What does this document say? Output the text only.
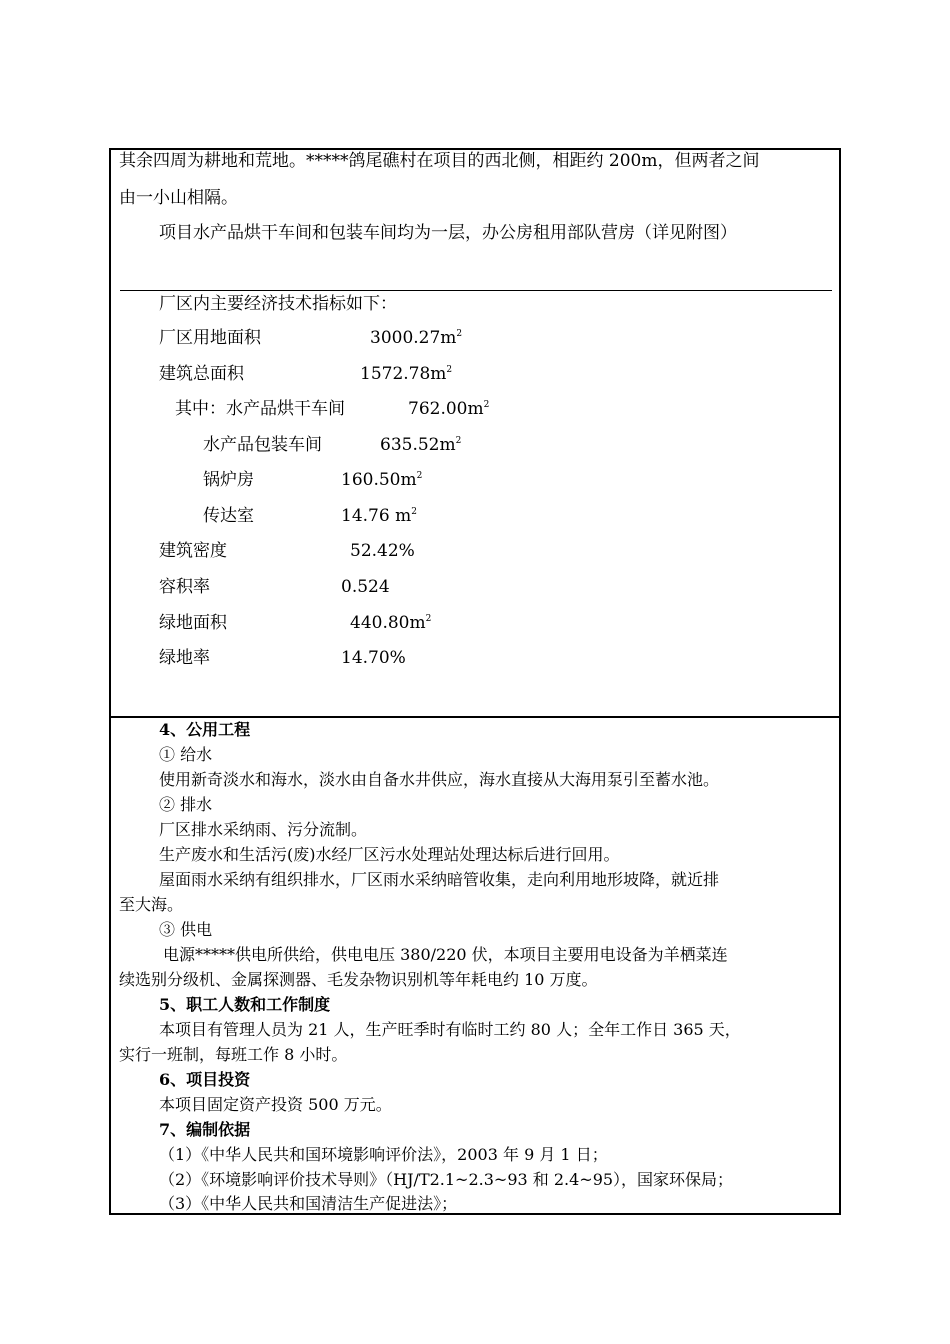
其余四周为耕地和荒地。*****鸽尾礁村在项目的西北侧，相距约 200m，但两者之间
由一小山相隔。
项目水产品烘干车间和包装车间均为一层，办公房租用部队营房（详见附图）
厂区内主要经济技术指标如下：
厂区用地面积	$3000.27m^2$
建筑总面积	$1572.78m^2$
其中：水产品烘干车间	$762.00m^2$
水产品包装车间	$635.52m^2$
锅炉房	$160.50m^2$
传达室	14.76 $m^2$
建筑密度	52.42%
容积率	0.524
绿地面积	$440.80m^2$
绿地率	14.70%
4、公用工程
① 给水
使用新奇淡水和海水，淡水由自备水井供应，海水直接从大海用泵引至蓄水池。
② 排水
厂区排水采纳雨、污分流制。
生产废水和生活污(废)水经厂区污水处理站处理达标后进行回用。
屋面雨水采纳有组织排水，厂区雨水采纳暗管收集，走向利用地形坡降，就近排
至大海。
③ 供电
电源*****供电所供给，供电电压 380/220 伏，本项目主要用电设备为羊栖菜连
续选别分级机、金属探测器、毛发杂物识别机等年耗电约 10 万度。
5、职工人数和工作制度
本项目有管理人员为 21 人，生产旺季时有临时工约 80 人；全年工作日 365 天，
实行一班制，每班工作 8 小时。
6、项目投资
本项目固定资产投资 500 万元。
7、编制依据
（1）《中华人民共和国环境影响评价法》，2003 年 9 月 1 日；
（2）《环境影响评价技术导则》（HJ/T2.1~2.3~93 和 2.4~95），国家环保局；
（3）《中华人民共和国清洁生产促进法》；
